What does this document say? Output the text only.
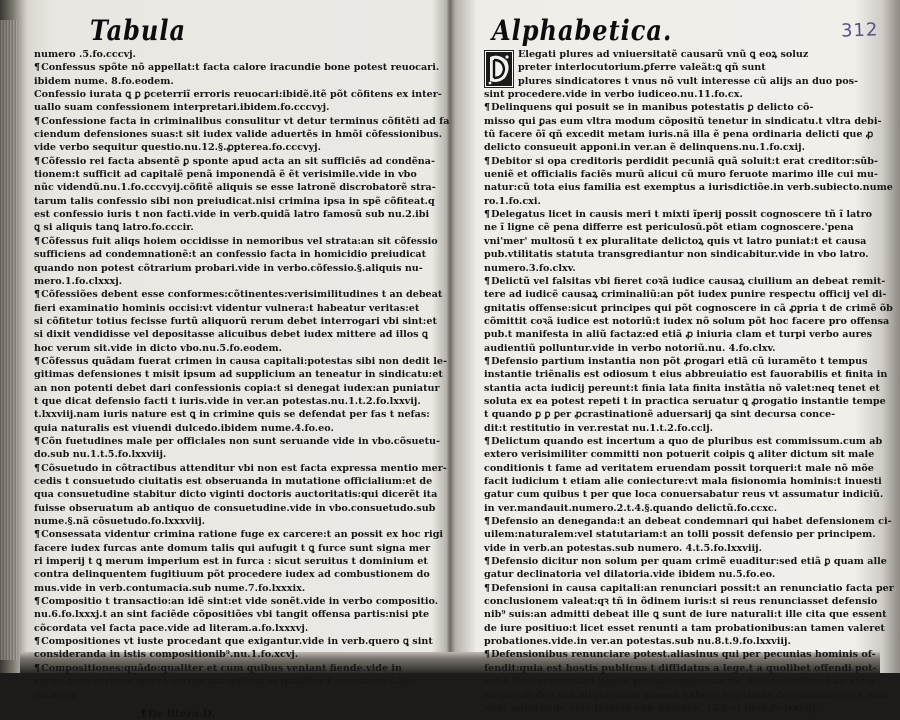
Tabula
numero .5.fo.cccvj.
¶Confessus spõte nõ appellat:t facta calore iracundie bone potest reuocari.
ibidem nume. 8.fo.eodem.
Confessio iurata ꝗ ꝑ ꝑceterriĩ erroris reuocari:ibidẽ.itẽ põt cõfitens ex inter-
uallo suam confessionem interpretari.ibidem.fo.cccvyj.
¶Confessione facta in criminalibus consulitur vt detur terminus cõfitẽti ad fa
ciendum defensiones suas:t sit iudex valide aduertẽs in hmõi cõfessionibus.
vide verbo sequitur questio.nu.12.§.ꝓpterea.fo.cccvyj.
¶Cõfessio rei facta absentẽ ꝑ sponte apud acta an sit sufficiẽs ad condẽna-
tionem:t sufficit ad capitalẽ penã imponendã ẽ ẽt verisimile.vide in vbo
nũc videndũ.nu.1.fo.cccvyij.cõfitẽ aliquis se esse latronẽ discrobatorẽ stra-
tarum talis confessio sibi non preiudicat.nisi crimina ipsa in spẽ cõfiteat.q
est confessio iuris t non facti.vide in verb.quidã latro famosũ sub nu.2.ibi
ꝗ si aliquis tanꝗ latro.fo.cccir.
¶Cõfessus fuit aliqs hoiem occidisse in nemoribus vel strata:an sit cõfessio
sufficiens ad condemnationẽ:t an confessio facta in homicidio preiudicat
quando non potest cõtrarium probari.vide in verbo.cõfessio.§.aliquis nu-
mero.1.fo.clxxxj.
¶Cõfessiões debent esse conformes:cõtinentes:verisimilitudines t an debeat
fieri examinatio hominis occisi:vt videntur vulnera:t habeatur veritas:et
si cõfitetur totius fecisse furtũ aliquorũ rerum debet interrogari vbi sint:et
si dixit vendidisse vel depositasse alicuibus debet iudex mittere ad illos ꝗ
hoc verum sit.vide in dicto vbo.nu.5.fo.eodem.
¶Cõfessus quãdam fuerat crimen in causa capitali:potestas sibi non dedit le-
gitimas defensiones t misit ipsum ad supplicium an teneatur in sindicatu:et
an non potenti debet dari confessionis copia:t si denegat iudex:an puniatur
t que dicat defensio facti t iuris.vide in ver.an potestas.nu.1.t.2.fo.lxxvij.
t.lxxviij.nam iuris nature est ꝗ in crimine quis se defendat per fas t nefas:
quia naturalis est viuendi dulcedo.ibidem nume.4.fo.eo.
¶Cõn fuetudines male per officiales non sunt seruande vide in vbo.cõsuetu-
do.sub nu.1.t.5.fo.lxxviij.
¶Cõsuetudo in cõtractibus attenditur vbi non est facta expressa mentio mer-
cedis t consuetudo ciuitatis est obseruanda in mutatione officialium:et de
qua consuetudine stabitur dicto viginti doctoris auctoritatis:qui dicerẽt ita
fuisse obseruatum ab antiquo de consuetudine.vide in vbo.consuetudo.sub
nume.§.nã cõsuetudo.fo.lxxxviij.
¶Consessata videntur crimina ratione fuge ex carcere:t an possit ex hoc rigi
facere iudex furcas ante domum talis qui aufugit t ꝗ furce sunt signa mer
ri imperij t ꝗ merum imperium est in furca : sicut seruitus t dominium et
contra delinquentem fugitiuum põt procedere iudex ad combustionem do
mus.vide in verb.contumacia.sub nume.7.fo.lxxxix.
¶Compositio t transactio:an idẽ sint:et vide sonẽt.vide in verbo compositio.
nu.6.fo.lxxxj.t an sint faciẽde cõpositiões vbi tangit offensa partis:nisi pte
cõcordata vel facta pace.vide ad literam.a.fo.lxxxvj.
¶Compositiones vt iuste procedant que exigantur.vide in verb.quero ꝗ sint
consideranda in istis compositionib⁹.nu.1.fo.xcvj.
¶Compositiones:quãdo:qualiter et cum quibus veniant fiende.vide in
verbo.post verbum quero tertiorum quibus et qualiter t c.numero.1.fo-
lio.xcvij.
¶De litera D.
Alphabetica.	312
Elegati plures ad vniuersitatẽ causarũ vnũ ꝗ eoꝝ soluz
preter interlocutorium.ꝑferre valeãt:ꝗ qñ sunt
plures sindicatores t vnus nõ vult interesse cũ alijs an duo pos-
sint procedere.vide in verbo iudiceo.nu.11.fo.cx.
¶Delinquens qui posuit se in manibus potestatis ꝑ delicto cõ-
misso qui ꝑas eum vltra modum cõpositũ tenetur in sindicatu.t vltra debi-
tũ facere õĩ qñ excedit metam iuris.nã illa ẽ pena ordinaria delicti que ꝓ
delicto consueuit apponi.in ver.an ẽ delinquens.nu.1.fo.cxij.
¶Debitor si opa creditoris perdidit pecuniã quã soluit:t erat creditor:sũb-
ueniẽ et officialis faciẽs murũ alicui cũ muro feruote marimo ille cui mu-
natur:cũ tota eius familia est exemptus a iurisdictiõe.in verb.subiecto.nume
ro.1.fo.cxi.
¶Delegatus licet in causis meri t mixti ĩperij possit cognoscere tñ ĩ latro
ne ĩ ligne cẽ pena differre est periculosũ.põt etiam cognoscere.'pena
vni'mer' multosũ t ex pluralitate delictoꝝ quis vt latro puniat:t et causa
pub.vtilitatis statuta transgrediantur non sindicabitur.vide in vbo latro.
numero.3.fo.clxv.
¶Delictũ vel falsitas vbi fieret coꝛã iudice causaꝝ ciuilium an debeat remit-
tere ad iudicẽ causaꝝ criminaliũ:an põt iudex punire respectu officij vel di-
gnitatis offense:sicut principes qui põt cognoscere in cã ꝓpria t de crimẽ õb
cõmittit coꝛã iudice est notoriũ:t iudex nõ solum põt hoc facere pro offensa
pub.t manifesta in aliũ factaz:ed etiã ꝓ iniuria clam et turpi verbo aures
audientiũ polluntur.vide in verbo notoriũ.nu. 4.fo.clxv.
¶Defensio partium instantia non põt ꝓrogari etiã cũ iuramẽto t tempus
instantie triẽnalis est odiosum t eius abbreuiatio est fauorabilis et finita in
stantia acta iudicij pereunt:t finia lata finita instãtia nõ valet:neq tenet et
soluta ex ea potest repeti t in practica seruatur ꝗ ꝓrogatio instantie tempe
t quando ꝑ ꝑ ꝑer ꝓcrastinationẽ aduersarij ꝗa sint decursa conce-
dit:t restitutio in ver.restat nu.1.t.2.fo.cclj.
¶Delictum quando est incertum a quo de pluribus est commissum.cum ab
extero verisimiliter committi non potuerit coipis ꝗ aliter dictum sit male
conditionis t fame ad veritatem eruendam possit torqueri:t male nõ mõe
facit iudicium t etiam alie coniecture:vt mala fisionomia hominis:t inuesti
gatur cum quibus t per que loca conuersabatur reus vt assumatur indiciũ.
in ver.mandauit.numero.2.t.4.§.quando delictũ.fo.ccxc.
¶Defensio an deneganda:t an debeat condemnari qui habet defensionem ci-
uilem:naturalem:vel statutariam:t an tolli possit defensio per principem.
vide in verb.an potestas.sub numero. 4.t.5.fo.lxxviij.
¶Defensio dicitur non solum per quam crimẽ euaditur:sed etiã ꝑ quam alle
gatur declinatoria vel dilatoria.vide ibidem nu.5.fo.eo.
¶Defensioni in causa capitali:an renunciari possit:t an renunciatio facta per
conclusionem valeat:qꝛ tñ in õdinem iuris:t si reus renunciasset defensio
nib⁹ suis:an admitti debeat ille ꝗ sunt de iure naturali:t ille cita que essent
de iure positiuo:t licet esset renunti a tam probationibus:an tamen valeret
probationes.vide.in ver.an potestas.sub nu.8.t.9.fo.lxxviij.
¶Defensionibus renunciare potest.aliasinus qui per pecunias hominis of-
fendit:quia est hostis publicus t diffidatus a lege.t a quolibet offendi pot-
est:t licet renunciari possit probationibus:an sic defensionibus:t an sic o
suspendi deb eat aliquis:xum posset habere legitimas defensiones:que non
sunt auterende.vide ibidem sub numero. 12.§.et ideo.fo.lxxviij.
